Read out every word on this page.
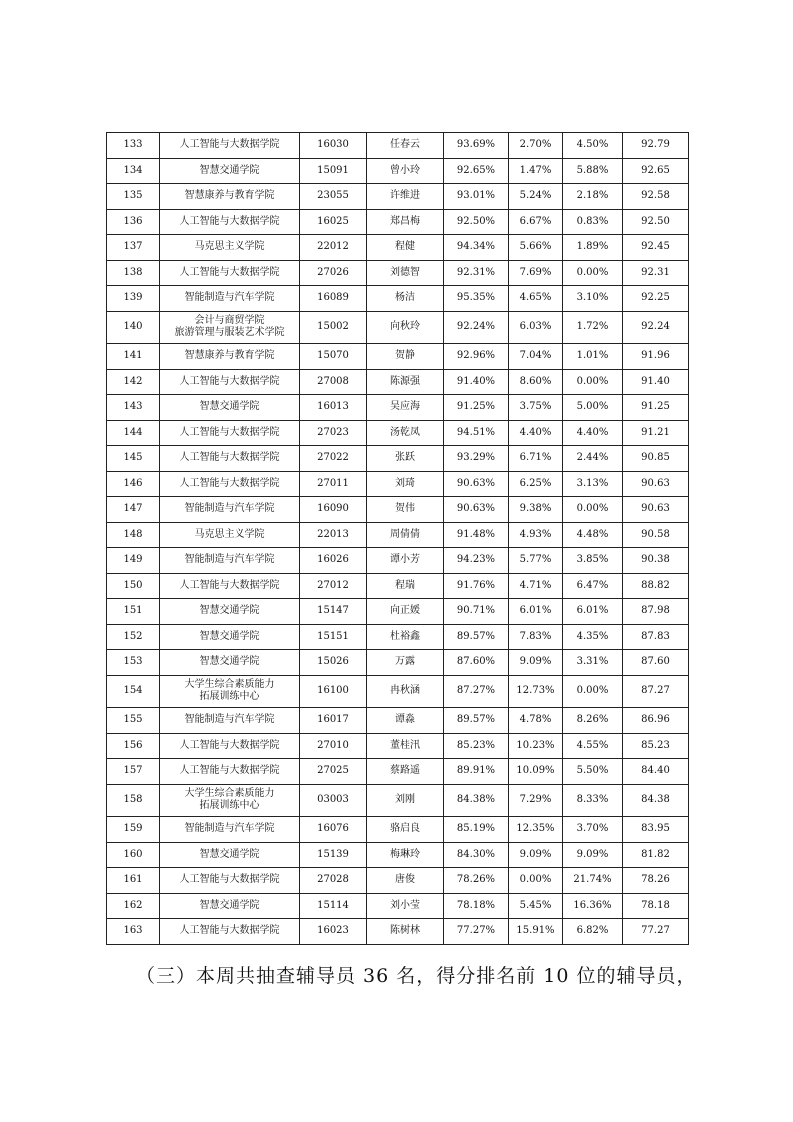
133	人工智能与大数据学院	16030	任春云	93.69%	2.70%	4.50%	92.79
134	智慧交通学院	15091	曾小玲	92.65%	1.47%	5.88%	92.65
135	智慧康养与教育学院	23055	许维进	93.01%	5.24%	2.18%	92.58
136	人工智能与大数据学院	16025	郑昌梅	92.50%	6.67%	0.83%	92.50
137	马克思主义学院	22012	程健	94.34%	5.66%	1.89%	92.45
138	人工智能与大数据学院	27026	刘德智	92.31%	7.69%	0.00%	92.31
139	智能制造与汽车学院	16089	杨洁	95.35%	4.65%	3.10%	92.25
140	会计与商贸学院
旅游管理与服装艺术学院	15002	向秋玲	92.24%	6.03%	1.72%	92.24
141	智慧康养与教育学院	15070	贺静	92.96%	7.04%	1.01%	91.96
142	人工智能与大数据学院	27008	陈源强	91.40%	8.60%	0.00%	91.40
143	智慧交通学院	16013	吴应海	91.25%	3.75%	5.00%	91.25
144	人工智能与大数据学院	27023	汤乾凤	94.51%	4.40%	4.40%	91.21
145	人工智能与大数据学院	27022	张跃	93.29%	6.71%	2.44%	90.85
146	人工智能与大数据学院	27011	刘琦	90.63%	6.25%	3.13%	90.63
147	智能制造与汽车学院	16090	贺伟	90.63%	9.38%	0.00%	90.63
148	马克思主义学院	22013	周倩倩	91.48%	4.93%	4.48%	90.58
149	智能制造与汽车学院	16026	谭小芳	94.23%	5.77%	3.85%	90.38
150	人工智能与大数据学院	27012	程瑞	91.76%	4.71%	6.47%	88.82
151	智慧交通学院	15147	向正媛	90.71%	6.01%	6.01%	87.98
152	智慧交通学院	15151	杜裕鑫	89.57%	7.83%	4.35%	87.83
153	智慧交通学院	15026	万露	87.60%	9.09%	3.31%	87.60
154	大学生综合素质能力
拓展训练中心	16100	冉秋涵	87.27%	12.73%	0.00%	87.27
155	智能制造与汽车学院	16017	谭淼	89.57%	4.78%	8.26%	86.96
156	人工智能与大数据学院	27010	董桂汛	85.23%	10.23%	4.55%	85.23
157	人工智能与大数据学院	27025	蔡路遥	89.91%	10.09%	5.50%	84.40
158	大学生综合素质能力
拓展训练中心	03003	刘刚	84.38%	7.29%	8.33%	84.38
159	智能制造与汽车学院	16076	骆启良	85.19%	12.35%	3.70%	83.95
160	智慧交通学院	15139	梅琳玲	84.30%	9.09%	9.09%	81.82
161	人工智能与大数据学院	27028	唐俊	78.26%	0.00%	21.74%	78.26
162	智慧交通学院	15114	刘小莹	78.18%	5.45%	16.36%	78.18
163	人工智能与大数据学院	16023	陈树林	77.27%	15.91%	6.82%	77.27
（三）本周共抽查辅导员 36 名，得分排名前 10 位的辅导员，
